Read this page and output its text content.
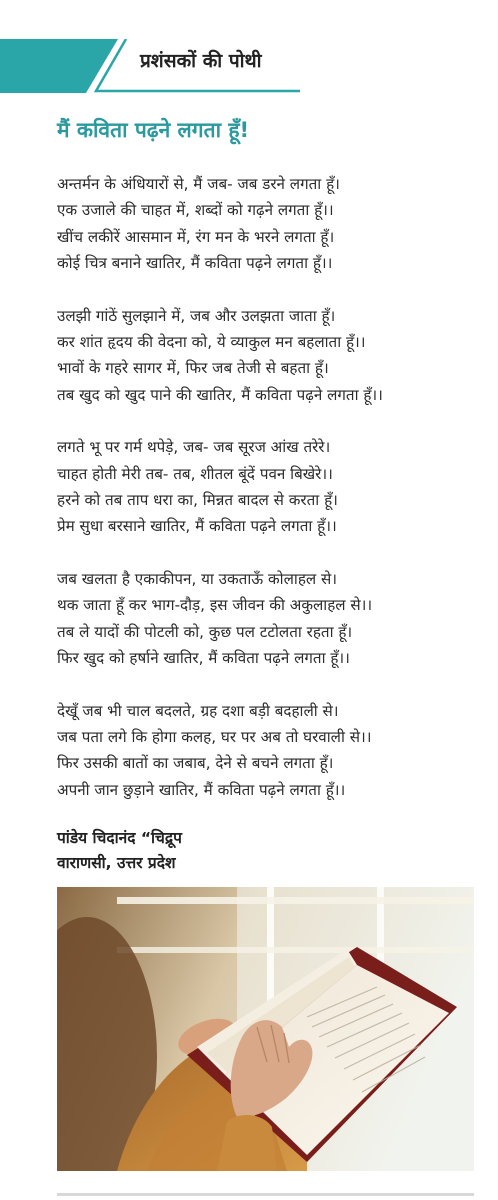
प्रशंसकों की पोथी
मैं कविता पढ़ने लगता हूँ!
अन्तर्मन के अंधियारों से, मैं जब- जब डरने लगता हूँ।
एक उजाले की चाहत में, शब्दों को गढ़ने लगता हूँ।।
खींच लकीरें आसमान में, रंग मन के भरने लगता हूँ।
कोई चित्र बनाने खातिर, मैं कविता पढ़ने लगता हूँ।।
उलझी गांठें सुलझाने में, जब और उलझता जाता हूँ।
कर शांत हृदय की वेदना को, ये व्याकुल मन बहलाता हूँ।।
भावों के गहरे सागर में, फिर जब तेजी से बहता हूँ।
तब खुद को खुद पाने की खातिर, मैं कविता पढ़ने लगता हूँ।।
लगते भू पर गर्म थपेड़े, जब- जब सूरज आंख तरेरे।
चाहत होती मेरी तब- तब, शीतल बूंदें पवन बिखेरे।।
हरने को तब ताप धरा का, मिन्नत बादल से करता हूँ।
प्रेम सुधा बरसाने खातिर, मैं कविता पढ़ने लगता हूँ।।
जब खलता है एकाकीपन, या उकताऊँ कोलाहल से।
थक जाता हूँ कर भाग-दौड़, इस जीवन की अकुलाहल से।।
तब ले यादों की पोटली को, कुछ पल टटोलता रहता हूँ।
फिर खुद को हर्षाने खातिर, मैं कविता पढ़ने लगता हूँ।।
देखूँ जब भी चाल बदलते, ग्रह दशा बड़ी बदहाली से।
जब पता लगे कि होगा कलह, घर पर अब तो घरवाली से।।
फिर उसकी बातों का जबाब, देने से बचने लगता हूँ।
अपनी जान छुड़ाने खातिर, मैं कविता पढ़ने लगता हूँ।।
पांडेय चिदानंद “चिद्रूप
वाराणसी, उत्तर प्रदेश
